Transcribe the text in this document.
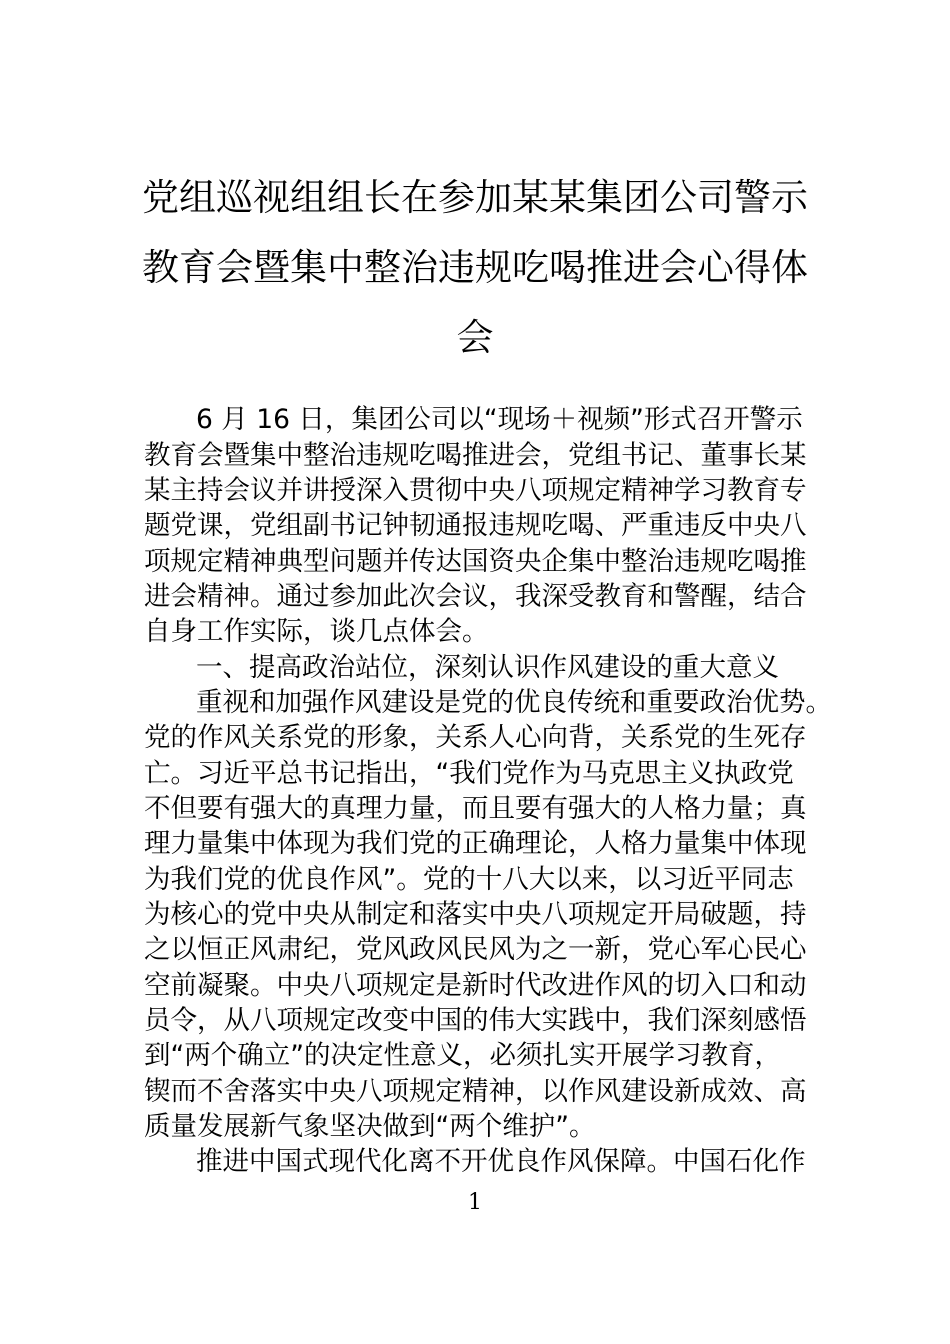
党组巡视组组长在参加某某集团公司警示
教育会暨集中整治违规吃喝推进会心得体
会

6 月 16 日，集团公司以“现场＋视频”形式召开警示

教育会暨集中整治违规吃喝推进会，党组书记、董事长某

某主持会议并讲授深入贯彻中央八项规定精神学习教育专

题党课，党组副书记钟韧通报违规吃喝、严重违反中央八

项规定精神典型问题并传达国资央企集中整治违规吃喝推

进会精神。通过参加此次会议，我深受教育和警醒，结合

自身工作实际，谈几点体会。

一、提高政治站位，深刻认识作风建设的重大意义

重视和加强作风建设是党的优良传统和重要政治优势。

党的作风关系党的形象，关系人心向背，关系党的生死存

亡。习近平总书记指出，“我们党作为马克思主义执政党

不但要有强大的真理力量，而且要有强大的人格力量；真

理力量集中体现为我们党的正确理论，人格力量集中体现

为我们党的优良作风”。党的十八大以来，以习近平同志

为核心的党中央从制定和落实中央八项规定开局破题，持

之以恒正风肃纪，党风政风民风为之一新，党心军心民心

空前凝聚。中央八项规定是新时代改进作风的切入口和动

员令，从八项规定改变中国的伟大实践中，我们深刻感悟

到“两个确立”的决定性意义，必须扎实开展学习教育，

锲而不舍落实中央八项规定精神，以作风建设新成效、高

质量发展新气象坚决做到“两个维护”。

推进中国式现代化离不开优良作风保障。中国石化作

1
